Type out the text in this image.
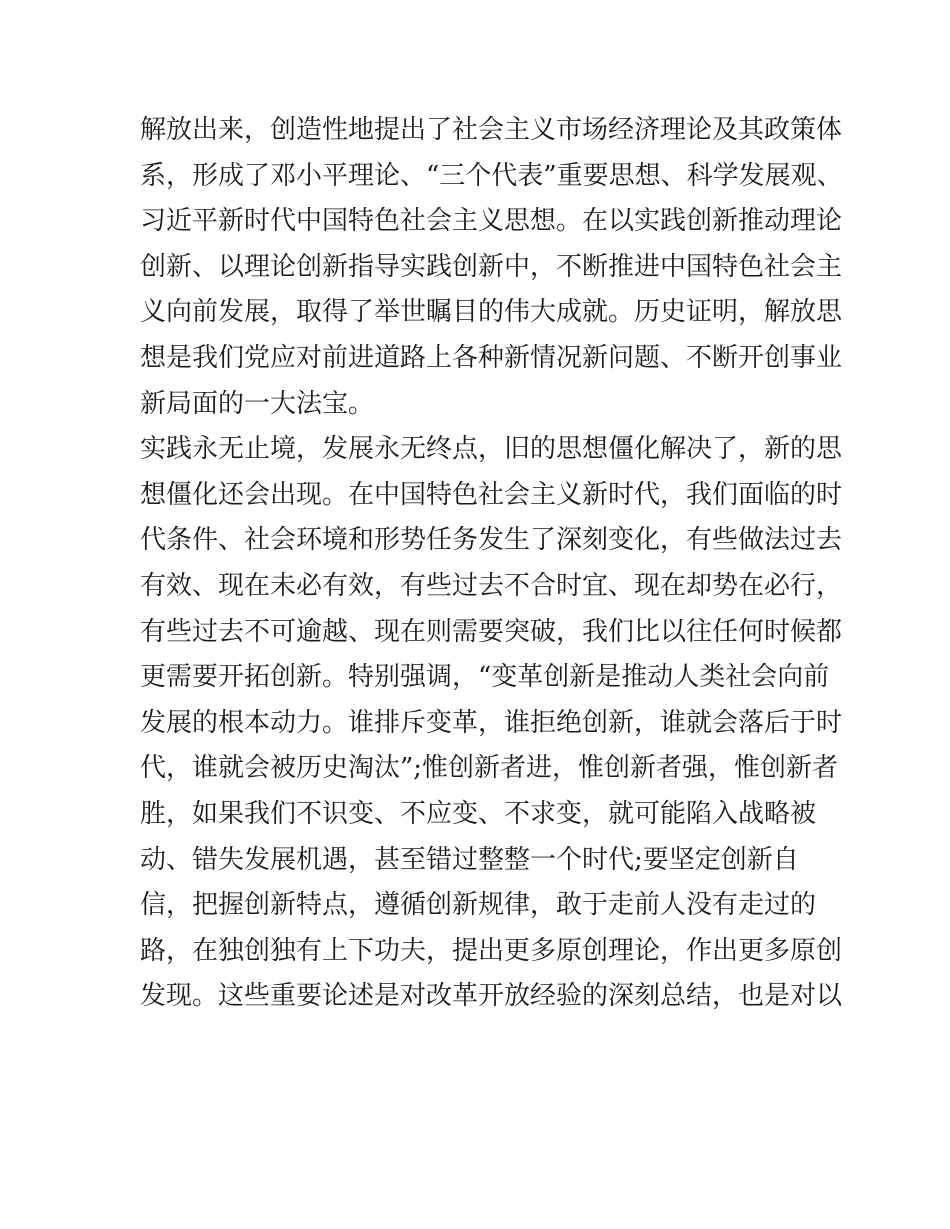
解放出来，创造性地提出了社会主义市场经济理论及其政策体
系，形成了邓小平理论、“三个代表”重要思想、科学发展观、
习近平新时代中国特色社会主义思想。在以实践创新推动理论
创新、以理论创新指导实践创新中，不断推进中国特色社会主
义向前发展，取得了举世瞩目的伟大成就。历史证明，解放思
想是我们党应对前进道路上各种新情况新问题、不断开创事业
新局面的一大法宝。
实践永无止境，发展永无终点，旧的思想僵化解决了，新的思
想僵化还会出现。在中国特色社会主义新时代，我们面临的时
代条件、社会环境和形势任务发生了深刻变化，有些做法过去
有效、现在未必有效，有些过去不合时宜、现在却势在必行，
有些过去不可逾越、现在则需要突破，我们比以往任何时候都
更需要开拓创新。特别强调，“变革创新是推动人类社会向前
发展的根本动力。谁排斥变革，谁拒绝创新，谁就会落后于时
代，谁就会被历史淘汰”;惟创新者进，惟创新者强，惟创新者
胜，如果我们不识变、不应变、不求变，就可能陷入战略被
动、错失发展机遇，甚至错过整整一个时代;要坚定创新自
信，把握创新特点，遵循创新规律，敢于走前人没有走过的
路，在独创独有上下功夫，提出更多原创理论，作出更多原创
发现。这些重要论述是对改革开放经验的深刻总结，也是对以
